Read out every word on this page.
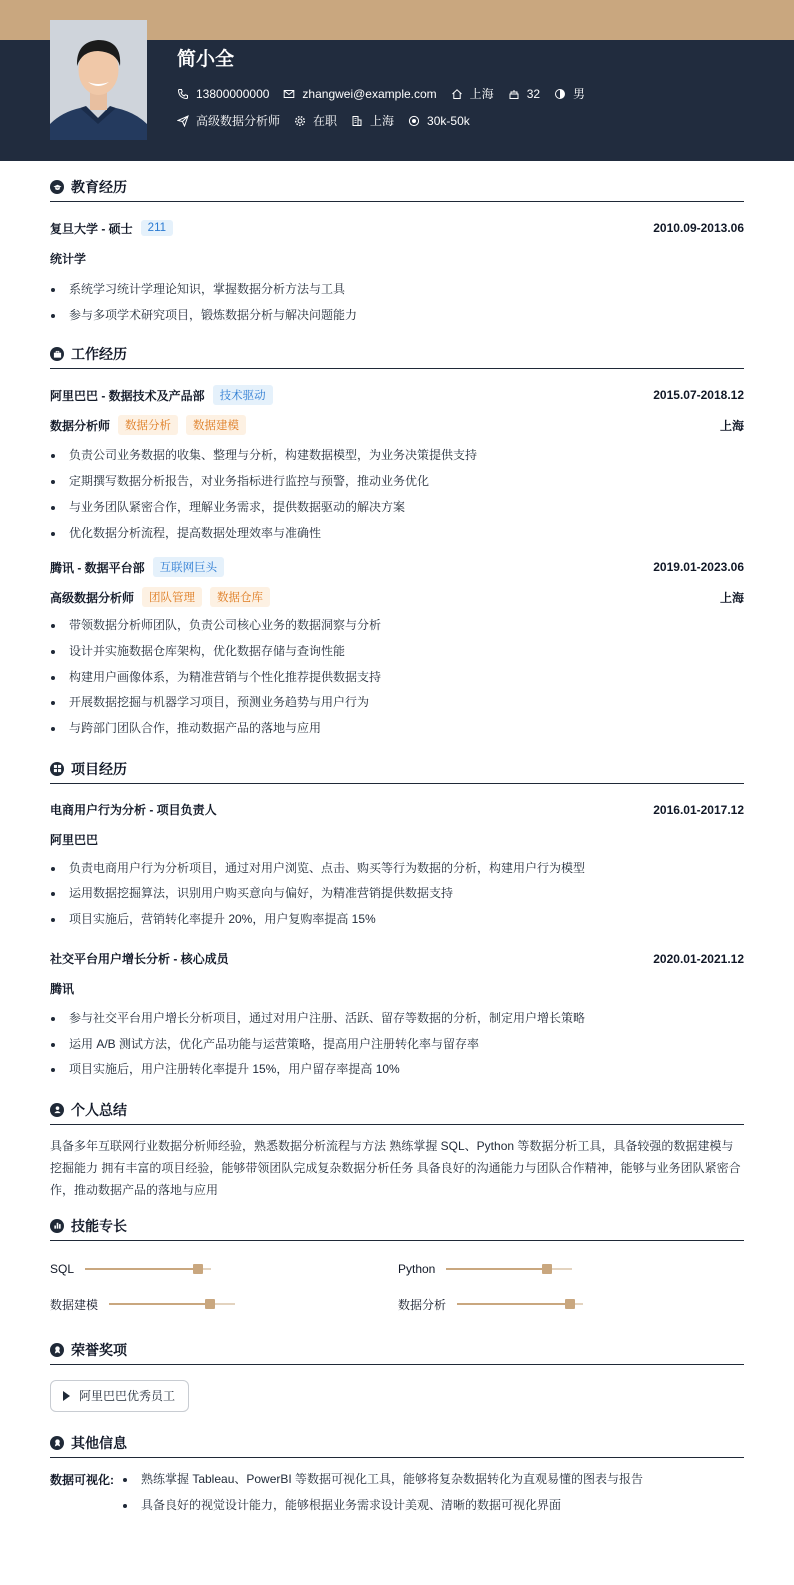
简小全
13800000000	zhangwei@example.com	上海	32	男
高级数据分析师	在职	上海	30k-50k
教育经历
复旦大学 - 硕士	211	2010.09-2013.06
统计学
系统学习统计学理论知识，掌握数据分析方法与工具
参与多项学术研究项目，锻炼数据分析与解决问题能力
工作经历
阿里巴巴 - 数据技术及产品部	技术驱动	2015.07-2018.12
数据分析师	数据分析	数据建模	上海
负责公司业务数据的收集、整理与分析，构建数据模型，为业务决策提供支持
定期撰写数据分析报告，对业务指标进行监控与预警，推动业务优化
与业务团队紧密合作，理解业务需求，提供数据驱动的解决方案
优化数据分析流程，提高数据处理效率与准确性
腾讯 - 数据平台部	互联网巨头	2019.01-2023.06
高级数据分析师	团队管理	数据仓库	上海
带领数据分析师团队，负责公司核心业务的数据洞察与分析
设计并实施数据仓库架构，优化数据存储与查询性能
构建用户画像体系，为精准营销与个性化推荐提供数据支持
开展数据挖掘与机器学习项目，预测业务趋势与用户行为
与跨部门团队合作，推动数据产品的落地与应用
项目经历
电商用户行为分析 - 项目负责人	2016.01-2017.12
阿里巴巴
负责电商用户行为分析项目，通过对用户浏览、点击、购买等行为数据的分析，构建用户行为模型
运用数据挖掘算法，识别用户购买意向与偏好，为精准营销提供数据支持
项目实施后，营销转化率提升 20%，用户复购率提高 15%
社交平台用户增长分析 - 核心成员	2020.01-2021.12
腾讯
参与社交平台用户增长分析项目，通过对用户注册、活跃、留存等数据的分析，制定用户增长策略
运用 A/B 测试方法，优化产品功能与运营策略，提高用户注册转化率与留存率
项目实施后，用户注册转化率提升 15%，用户留存率提高 10%
个人总结
具备多年互联网行业数据分析师经验，熟悉数据分析流程与方法 熟练掌握 SQL、Python 等数据分析工具，具备较强的数据建模与挖掘能力 拥有丰富的项目经验，能够带领团队完成复杂数据分析任务 具备良好的沟通能力与团队合作精神，能够与业务团队紧密合作，推动数据产品的落地与应用
技能专长
SQL	Python
数据建模	数据分析
荣誉奖项
阿里巴巴优秀员工
其他信息
数据可视化:	熟练掌握 Tableau、PowerBI 等数据可视化工具，能够将复杂数据转化为直观易懂的图表与报告
具备良好的视觉设计能力，能够根据业务需求设计美观、清晰的数据可视化界面
